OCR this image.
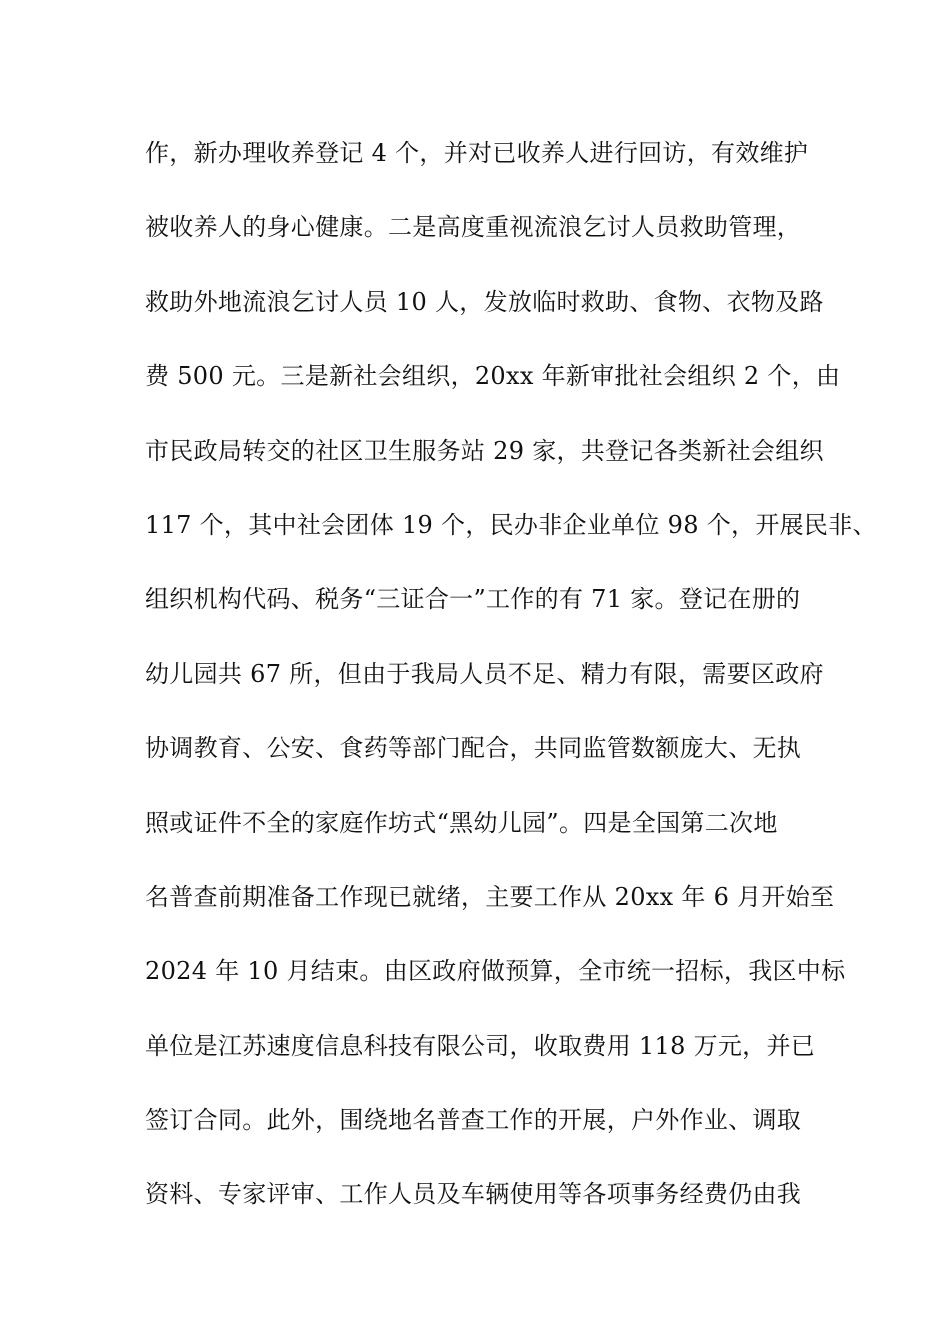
作，新办理收养登记 4 个，并对已收养人进行回访，有效维护
被收养人的身心健康。二是高度重视流浪乞讨人员救助管理，
救助外地流浪乞讨人员 10 人，发放临时救助、食物、衣物及路
费 500 元。三是新社会组织，20xx 年新审批社会组织 2 个，由
市民政局转交的社区卫生服务站 29 家，共登记各类新社会组织
117 个，其中社会团体 19 个，民办非企业单位 98 个，开展民非、
组织机构代码、税务“三证合一”工作的有 71 家。登记在册的
幼儿园共 67 所，但由于我局人员不足、精力有限，需要区政府
协调教育、公安、食药等部门配合，共同监管数额庞大、无执
照或证件不全的家庭作坊式“黑幼儿园”。四是全国第二次地
名普查前期准备工作现已就绪，主要工作从 20xx 年 6 月开始至
2024 年 10 月结束。由区政府做预算，全市统一招标，我区中标
单位是江苏速度信息科技有限公司，收取费用 118 万元，并已
签订合同。此外，围绕地名普查工作的开展，户外作业、调取
资料、专家评审、工作人员及车辆使用等各项事务经费仍由我
